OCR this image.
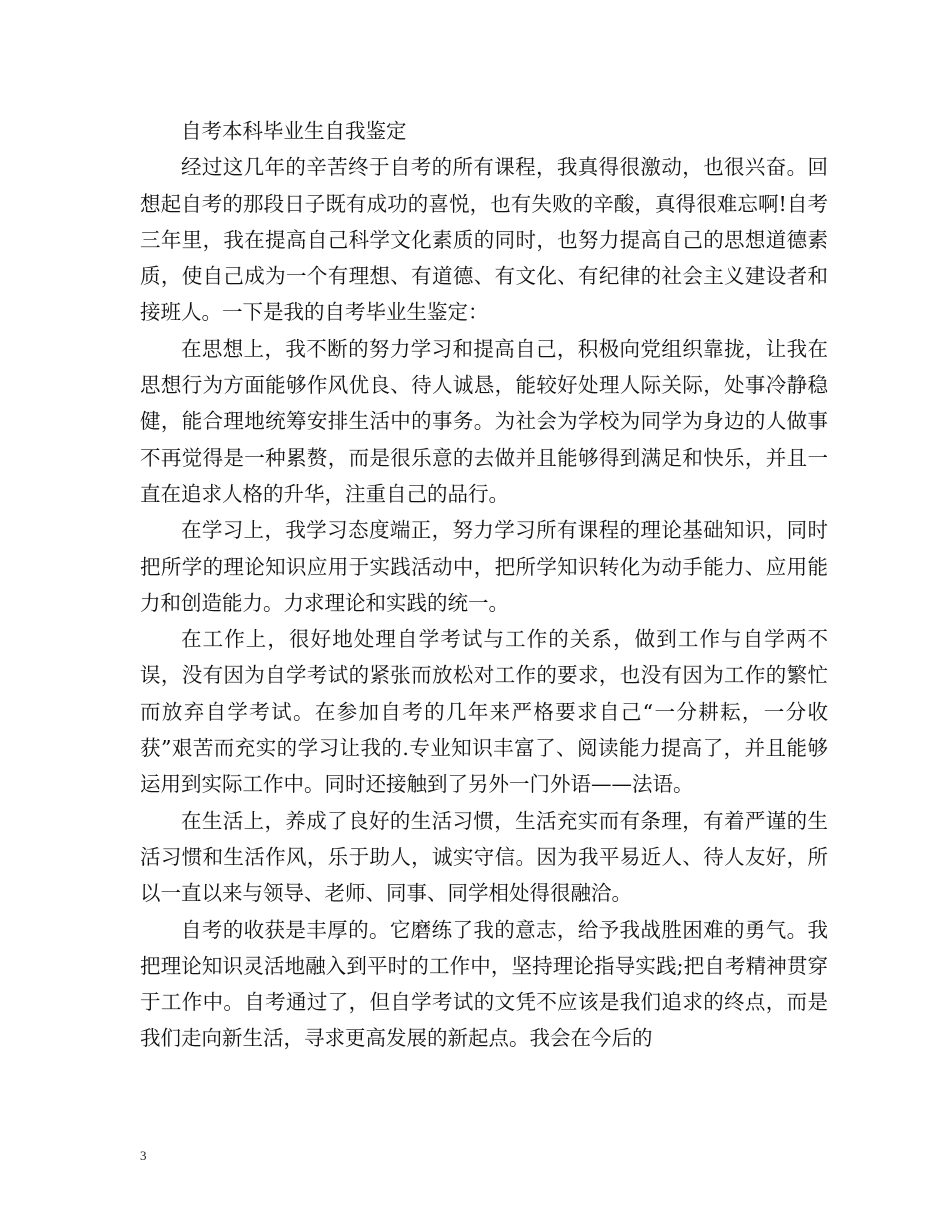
自考本科毕业生自我鉴定

经过这几年的辛苦终于自考的所有课程，我真得很激动，也很兴奋。回想起自考的那段日子既有成功的喜悦，也有失败的辛酸，真得很难忘啊!自考三年里，我在提高自己科学文化素质的同时，也努力提高自己的思想道德素质，使自己成为一个有理想、有道德、有文化、有纪律的社会主义建设者和接班人。一下是我的自考毕业生鉴定：

在思想上，我不断的努力学习和提高自己，积极向党组织靠拢，让我在思想行为方面能够作风优良、待人诚恳，能较好处理人际关际，处事冷静稳健，能合理地统筹安排生活中的事务。为社会为学校为同学为身边的人做事不再觉得是一种累赘，而是很乐意的去做并且能够得到满足和快乐，并且一直在追求人格的升华，注重自己的品行。

在学习上，我学习态度端正，努力学习所有课程的理论基础知识，同时把所学的理论知识应用于实践活动中，把所学知识转化为动手能力、应用能力和创造能力。力求理论和实践的统一。

在工作上，很好地处理自学考试与工作的关系，做到工作与自学两不误，没有因为自学考试的紧张而放松对工作的要求，也没有因为工作的繁忙而放弃自学考试。在参加自考的几年来严格要求自己“一分耕耘，一分收获”艰苦而充实的学习让我的.专业知识丰富了、阅读能力提高了，并且能够运用到实际工作中。同时还接触到了另外一门外语——法语。

在生活上，养成了良好的生活习惯，生活充实而有条理，有着严谨的生活习惯和生活作风，乐于助人，诚实守信。因为我平易近人、待人友好，所以一直以来与领导、老师、同事、同学相处得很融洽。

自考的收获是丰厚的。它磨练了我的意志，给予我战胜困难的勇气。我把理论知识灵活地融入到平时的工作中，坚持理论指导实践;把自考精神贯穿于工作中。自考通过了，但自学考试的文凭不应该是我们追求的终点，而是我们走向新生活，寻求更高发展的新起点。我会在今后的

3
